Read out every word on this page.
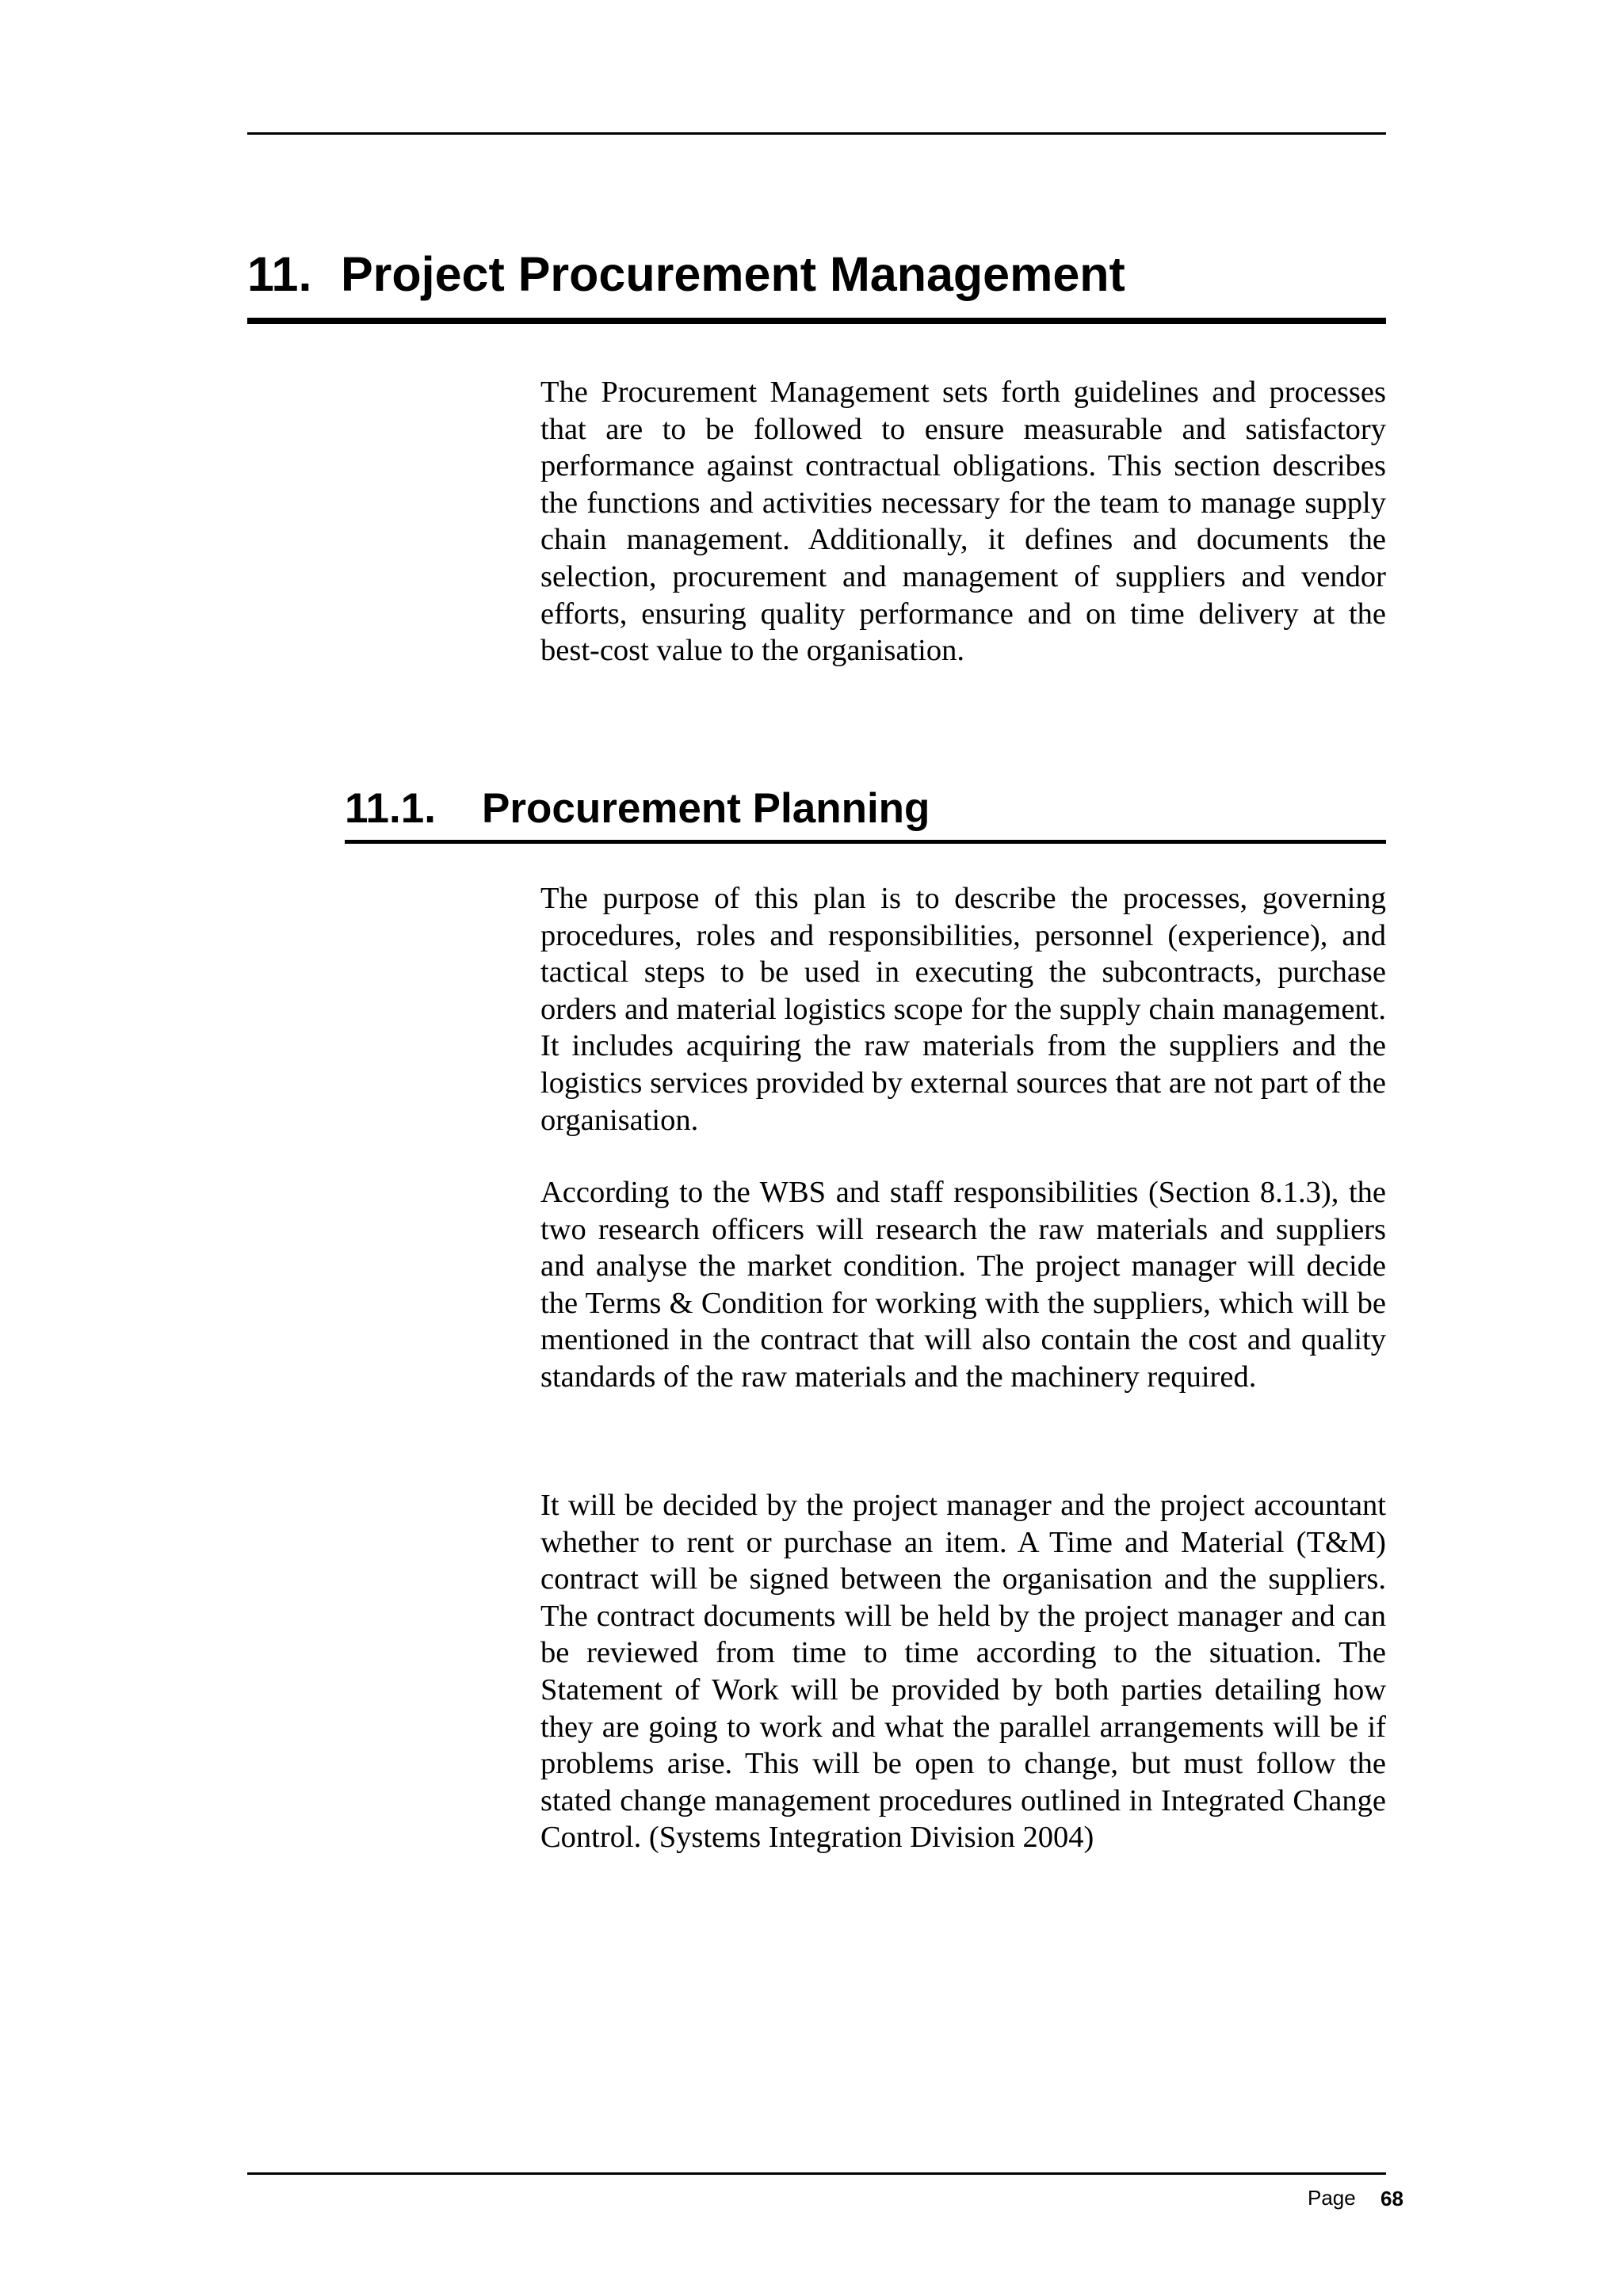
11. Project Procurement Management

The Procurement Management sets forth guidelines and processes that are to be followed to ensure measurable and satisfactory performance against contractual obligations. This section describes the functions and activities necessary for the team to manage supply chain management. Additionally, it defines and documents the selection, procurement and management of suppliers and vendor efforts, ensuring quality performance and on time delivery at the best-cost value to the organisation.

11.1. Procurement Planning

The purpose of this plan is to describe the processes, governing procedures, roles and responsibilities, personnel (experience), and tactical steps to be used in executing the subcontracts, purchase orders and material logistics scope for the supply chain management. It includes acquiring the raw materials from the suppliers and the logistics services provided by external sources that are not part of the organisation.

According to the WBS and staff responsibilities (Section 8.1.3), the two research officers will research the raw materials and suppliers and analyse the market condition. The project manager will decide the Terms & Condition for working with the suppliers, which will be mentioned in the contract that will also contain the cost and quality standards of the raw materials and the machinery required.

It will be decided by the project manager and the project accountant whether to rent or purchase an item. A Time and Material (T&M) contract will be signed between the organisation and the suppliers. The contract documents will be held by the project manager and can be reviewed from time to time according to the situation. The Statement of Work will be provided by both parties detailing how they are going to work and what the parallel arrangements will be if problems arise. This will be open to change, but must follow the stated change management procedures outlined in Integrated Change Control. (Systems Integration Division 2004)

Page 68
